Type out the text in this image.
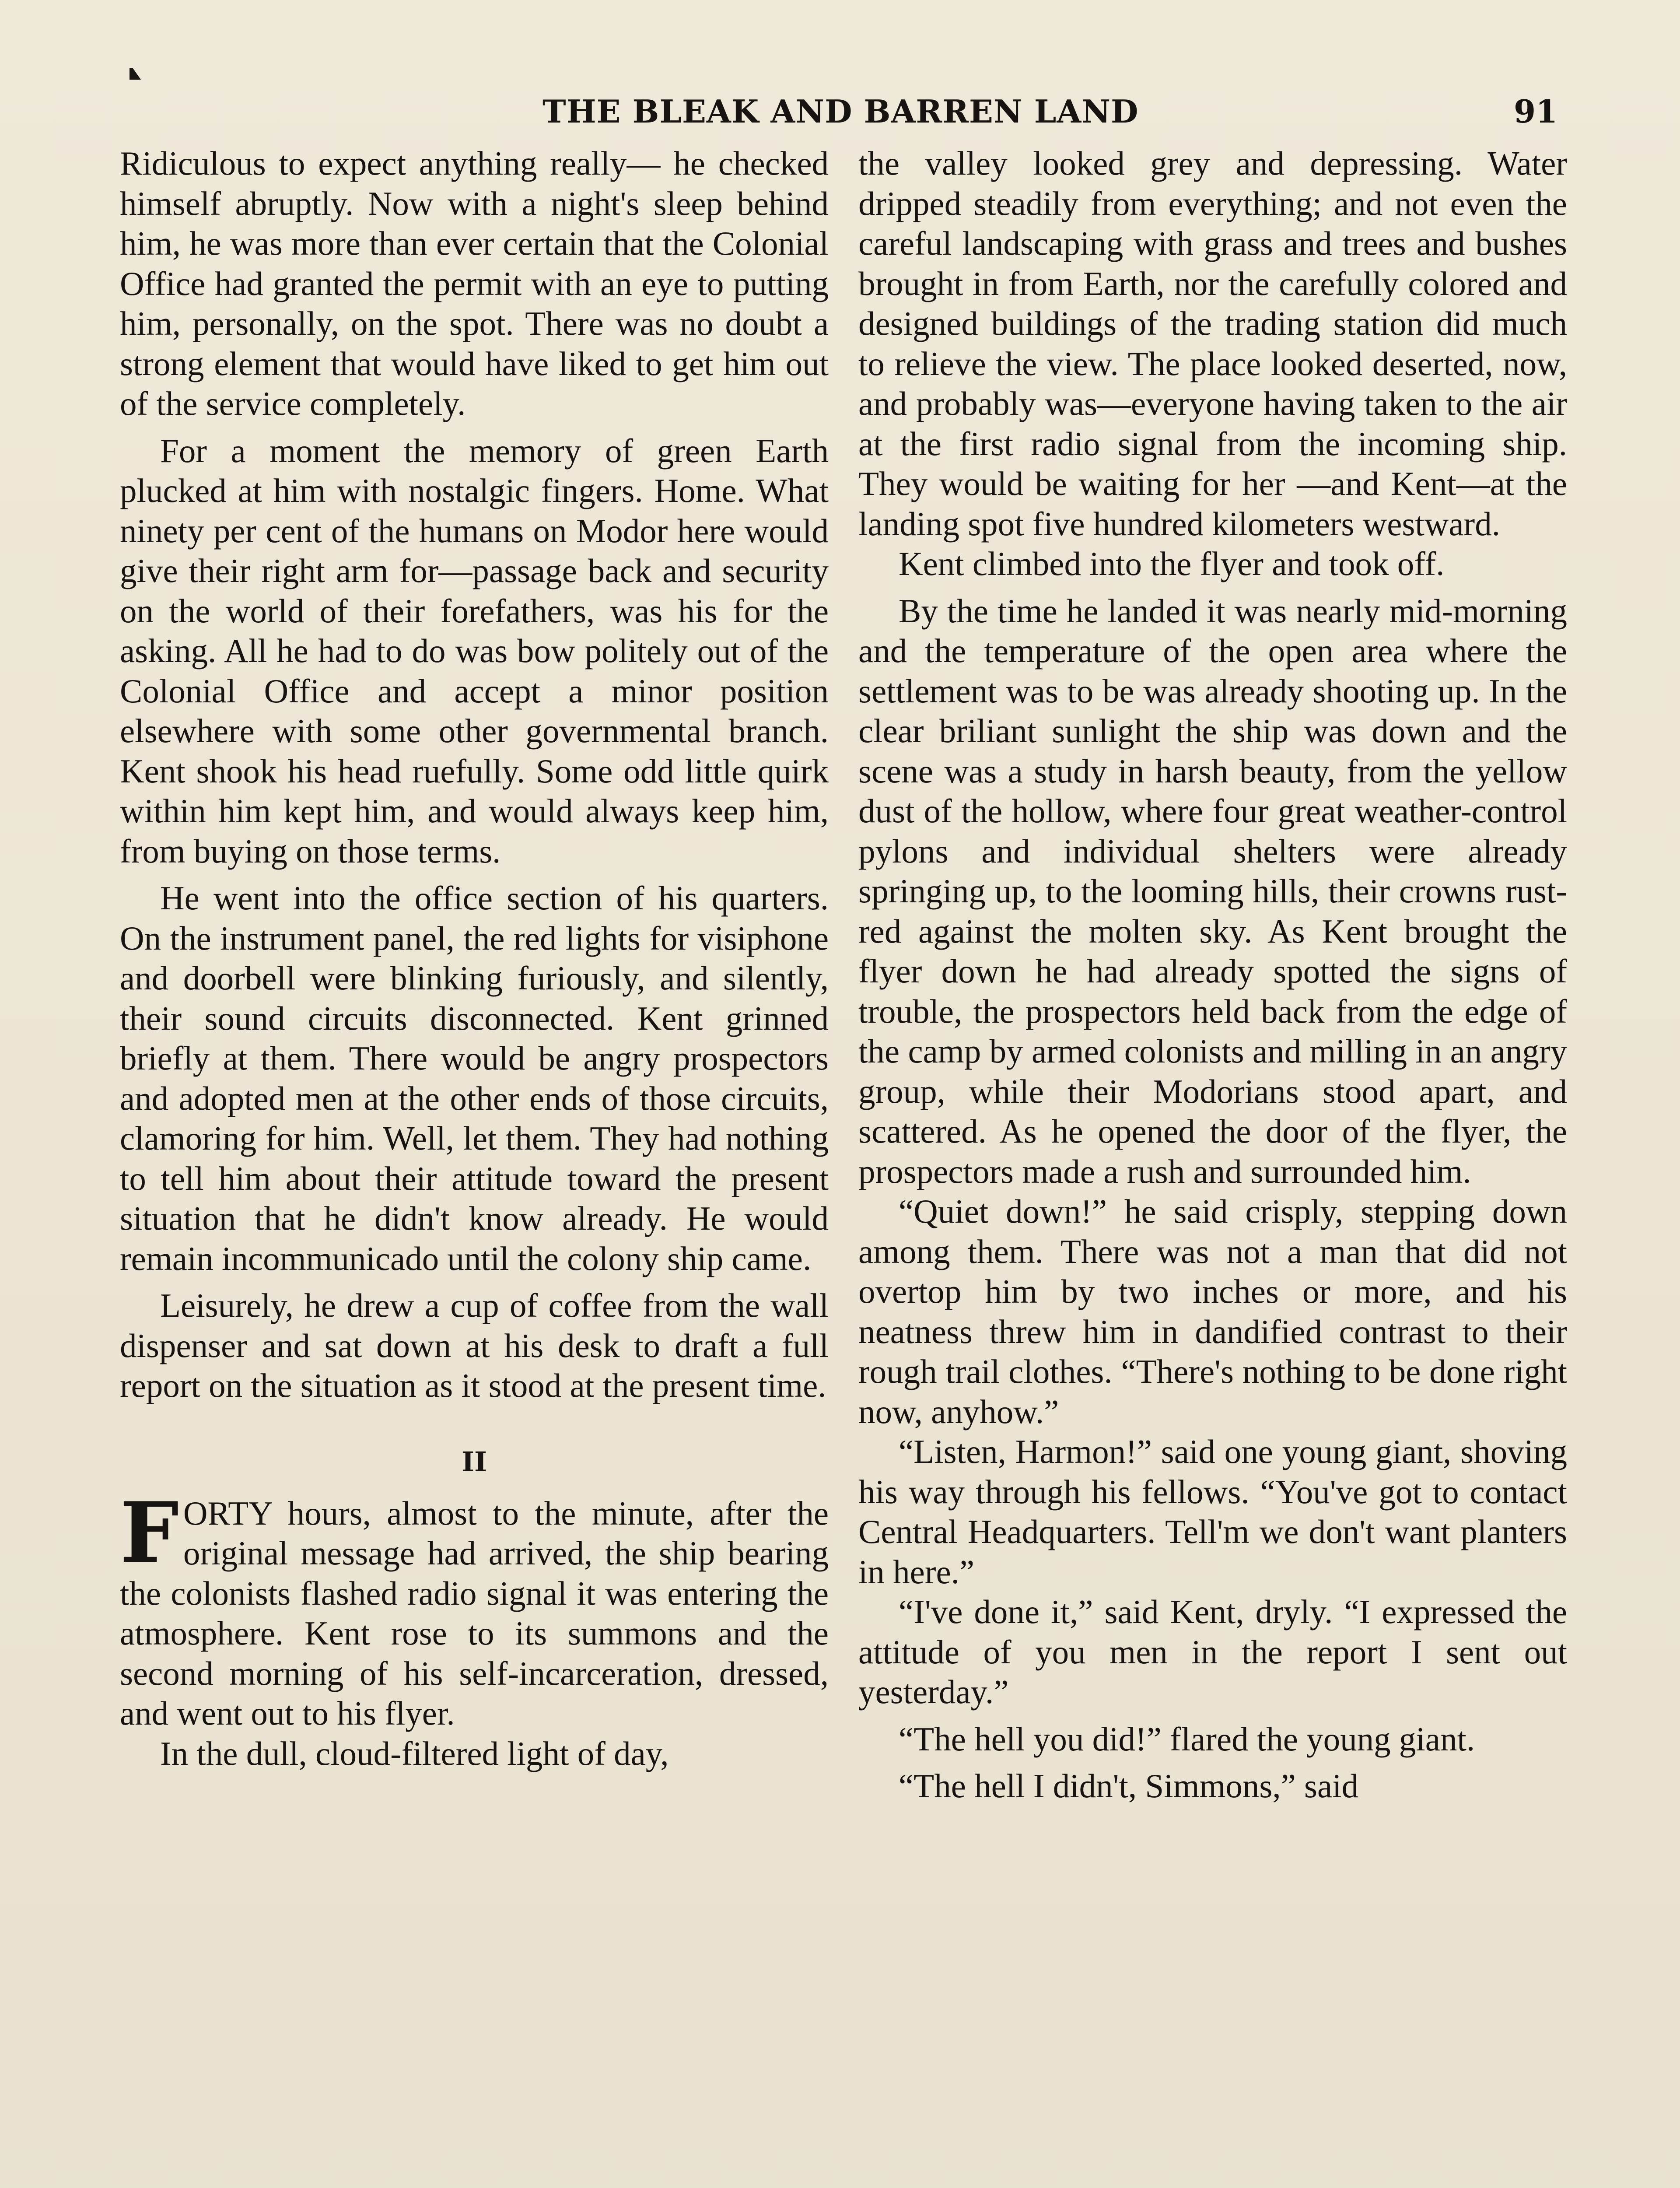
THE BLEAK AND BARREN LAND	91

Ridiculous to expect anything really— he checked himself abruptly. Now with a night's sleep behind him, he was more than ever certain that the Colonial Office had granted the permit with an eye to putting him, personally, on the spot. There was no doubt a strong element that would have liked to get him out of the service completely.

For a moment the memory of green Earth plucked at him with nostalgic fingers. Home. What ninety per cent of the humans on Modor here would give their right arm for—passage back and security on the world of their forefathers, was his for the asking. All he had to do was bow politely out of the Colonial Office and accept a minor position elsewhere with some other governmental branch. Kent shook his head ruefully. Some odd little quirk within him kept him, and would always keep him, from buying on those terms.

He went into the office section of his quarters. On the instrument panel, the red lights for visiphone and doorbell were blinking furiously, and silently, their sound circuits disconnected. Kent grinned briefly at them. There would be angry prospectors and adopted men at the other ends of those circuits, clamoring for him. Well, let them. They had nothing to tell him about their attitude toward the present situation that he didn't know already. He would remain incommunicado until the colony ship came.

Leisurely, he drew a cup of coffee from the wall dispenser and sat down at his desk to draft a full report on the situation as it stood at the present time.

II

FORTY hours, almost to the minute, after the original message had arrived, the ship bearing the colonists flashed radio signal it was entering the atmosphere. Kent rose to its summons and the second morning of his self-incarceration, dressed, and went out to his flyer.

In the dull, cloud-filtered light of day,

the valley looked grey and depressing. Water dripped steadily from everything; and not even the careful landscaping with grass and trees and bushes brought in from Earth, nor the carefully colored and designed buildings of the trading station did much to relieve the view. The place looked deserted, now, and probably was—everyone having taken to the air at the first radio signal from the incoming ship. They would be waiting for her —and Kent—at the landing spot five hundred kilometers westward.

Kent climbed into the flyer and took off.

By the time he landed it was nearly mid-morning and the temperature of the open area where the settlement was to be was already shooting up. In the clear briliant sunlight the ship was down and the scene was a study in harsh beauty, from the yellow dust of the hollow, where four great weather-control pylons and individual shelters were already springing up, to the looming hills, their crowns rust-red against the molten sky. As Kent brought the flyer down he had already spotted the signs of trouble, the prospectors held back from the edge of the camp by armed colonists and milling in an angry group, while their Modorians stood apart, and scattered. As he opened the door of the flyer, the prospectors made a rush and surrounded him.

“Quiet down!” he said crisply, stepping down among them. There was not a man that did not overtop him by two inches or more, and his neatness threw him in dandified contrast to their rough trail clothes. “There's nothing to be done right now, anyhow.”

“Listen, Harmon!” said one young giant, shoving his way through his fellows. “You've got to contact Central Headquarters. Tell'm we don't want planters in here.”

“I've done it,” said Kent, dryly. “I expressed the attitude of you men in the report I sent out yesterday.”

“The hell you did!” flared the young giant.

“The hell I didn't, Simmons,” said
